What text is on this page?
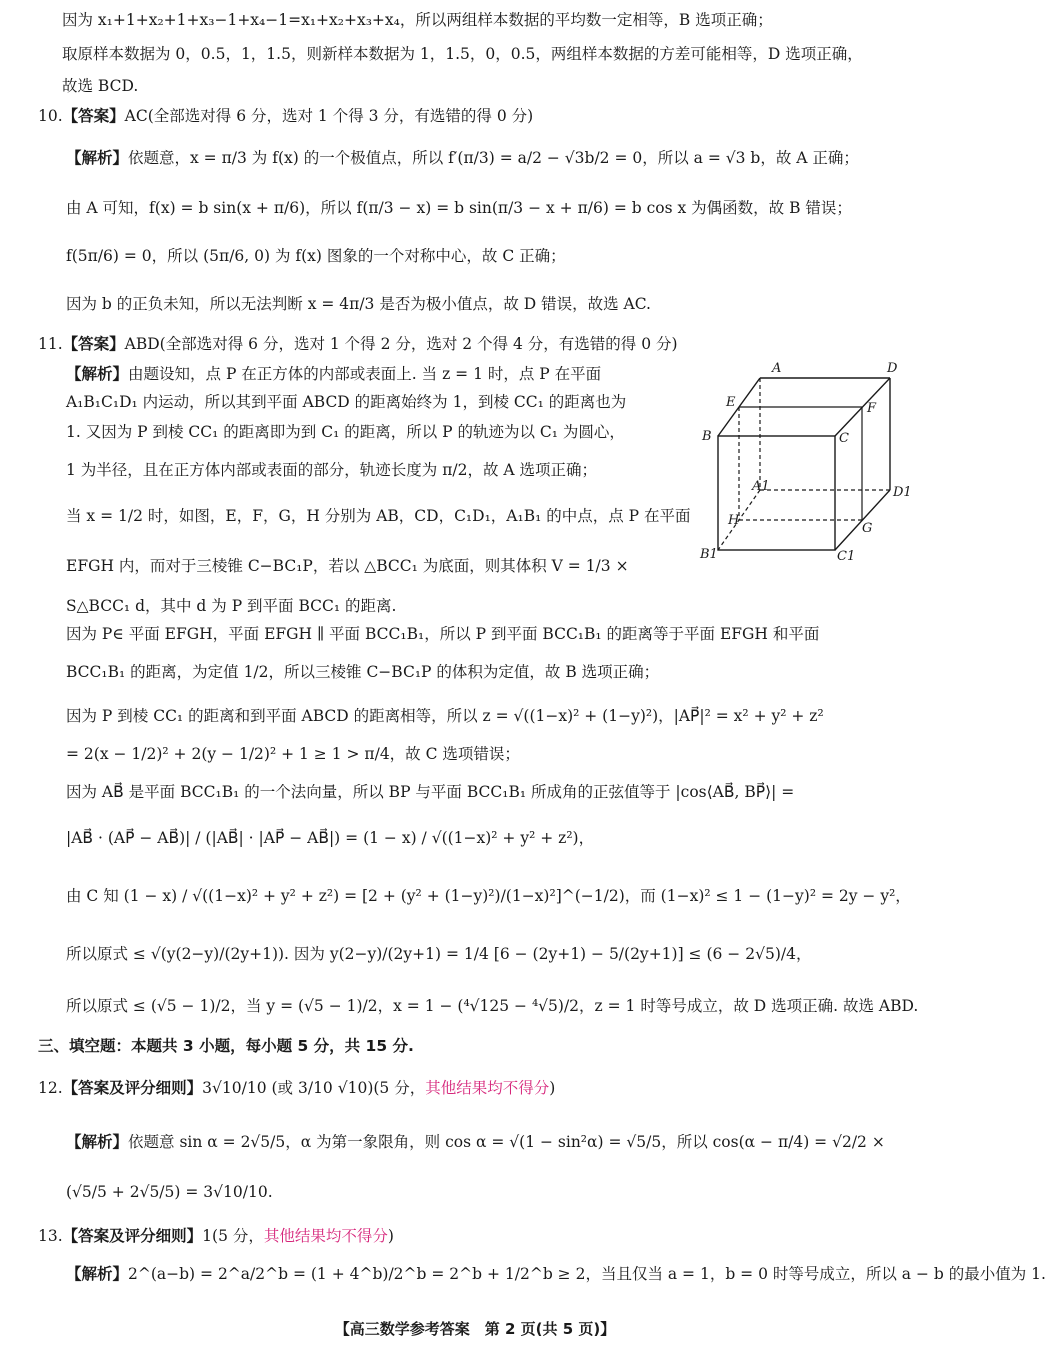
因为 x₁+1+x₂+1+x₃−1+x₄−1=x₁+x₂+x₃+x₄，所以两组样本数据的平均数一定相等，B 选项正确；
取原样本数据为 0，0.5，1，1.5，则新样本数据为 1，1.5，0，0.5，两组样本数据的方差可能相等，D 选项正确，
故选 BCD.
10.【答案】AC(全部选对得 6 分，选对 1 个得 3 分，有选错的得 0 分)
【解析】依题意，x = π/3 为 f(x) 的一个极值点，所以 f′(π/3) = a/2 − √3b/2 = 0，所以 a = √3 b，故 A 正确；
由 A 可知，f(x) = b sin(x + π/6)，所以 f(π/3 − x) = b sin(π/3 − x + π/6) = b cos x 为偶函数，故 B 错误；
f(5π/6) = 0，所以 (5π/6, 0) 为 f(x) 图象的一个对称中心，故 C 正确；
因为 b 的正负未知，所以无法判断 x = 4π/3 是否为极小值点，故 D 错误，故选 AC.
11.【答案】ABD(全部选对得 6 分，选对 1 个得 2 分，选对 2 个得 4 分，有选错的得 0 分)
【解析】由题设知，点 P 在正方体的内部或表面上. 当 z = 1 时，点 P 在平面
A₁B₁C₁D₁ 内运动，所以其到平面 ABCD 的距离始终为 1，到棱 CC₁ 的距离也为
1. 又因为 P 到棱 CC₁ 的距离即为到 C₁ 的距离，所以 P 的轨迹为以 C₁ 为圆心，
1 为半径，且在正方体内部或表面的部分，轨迹长度为 π/2，故 A 选项正确；
当 x = 1/2 时，如图，E，F，G，H 分别为 AB，CD，C₁D₁，A₁B₁ 的中点，点 P 在平面
EFGH 内，而对于三棱锥 C−BC₁P，若以 △BCC₁ 为底面，则其体积 V = 1/3 ×
S△BCC₁ d，其中 d 为 P 到平面 BCC₁ 的距离.
因为 P∈ 平面 EFGH，平面 EFGH ∥ 平面 BCC₁B₁，所以 P 到平面 BCC₁B₁ 的距离等于平面 EFGH 和平面
BCC₁B₁ 的距离，为定值 1/2，所以三棱锥 C−BC₁P 的体积为定值，故 B 选项正确；
因为 P 到棱 CC₁ 的距离和到平面 ABCD 的距离相等，所以 z = √((1−x)² + (1−y)²)，|AP⃗|² = x² + y² + z²
= 2(x − 1/2)² + 2(y − 1/2)² + 1 ≥ 1 > π/4，故 C 选项错误；
因为 AB⃗ 是平面 BCC₁B₁ 的一个法向量，所以 BP 与平面 BCC₁B₁ 所成角的正弦值等于 |cos⟨AB⃗, BP⃗⟩| =
|AB⃗ · (AP⃗ − AB⃗)| / (|AB⃗| · |AP⃗ − AB⃗|) = (1 − x) / √((1−x)² + y² + z²)，
由 C 知 (1 − x) / √((1−x)² + y² + z²) = [2 + (y² + (1−y)²)/(1−x)²]^(−1/2)，而 (1−x)² ≤ 1 − (1−y)² = 2y − y²，
所以原式 ≤ √(y(2−y)/(2y+1)). 因为 y(2−y)/(2y+1) = 1/4 [6 − (2y+1) − 5/(2y+1)] ≤ (6 − 2√5)/4，
所以原式 ≤ (√5 − 1)/2，当 y = (√5 − 1)/2，x = 1 − (⁴√125 − ⁴√5)/2，z = 1 时等号成立，故 D 选项正确. 故选 ABD.
三、填空题：本题共 3 小题，每小题 5 分，共 15 分.
12.【答案及评分细则】3√10/10 (或 3/10 √10)(5 分，其他结果均不得分)
【解析】依题意 sin α = 2√5/5，α 为第一象限角，则 cos α = √(1 − sin²α) = √5/5，所以 cos(α − π/4) = √2/2 ×
(√5/5 + 2√5/5) = 3√10/10.
13.【答案及评分细则】1(5 分，其他结果均不得分)
【解析】2^(a−b) = 2^a/2^b = (1 + 4^b)/2^b = 2^b + 1/2^b ≥ 2，当且仅当 a = 1，b = 0 时等号成立，所以 a − b 的最小值为 1.
A	D
E	F
B	C
A1	D1
H
G
B1	C1
【高三数学参考答案　第 2 页(共 5 页)】
